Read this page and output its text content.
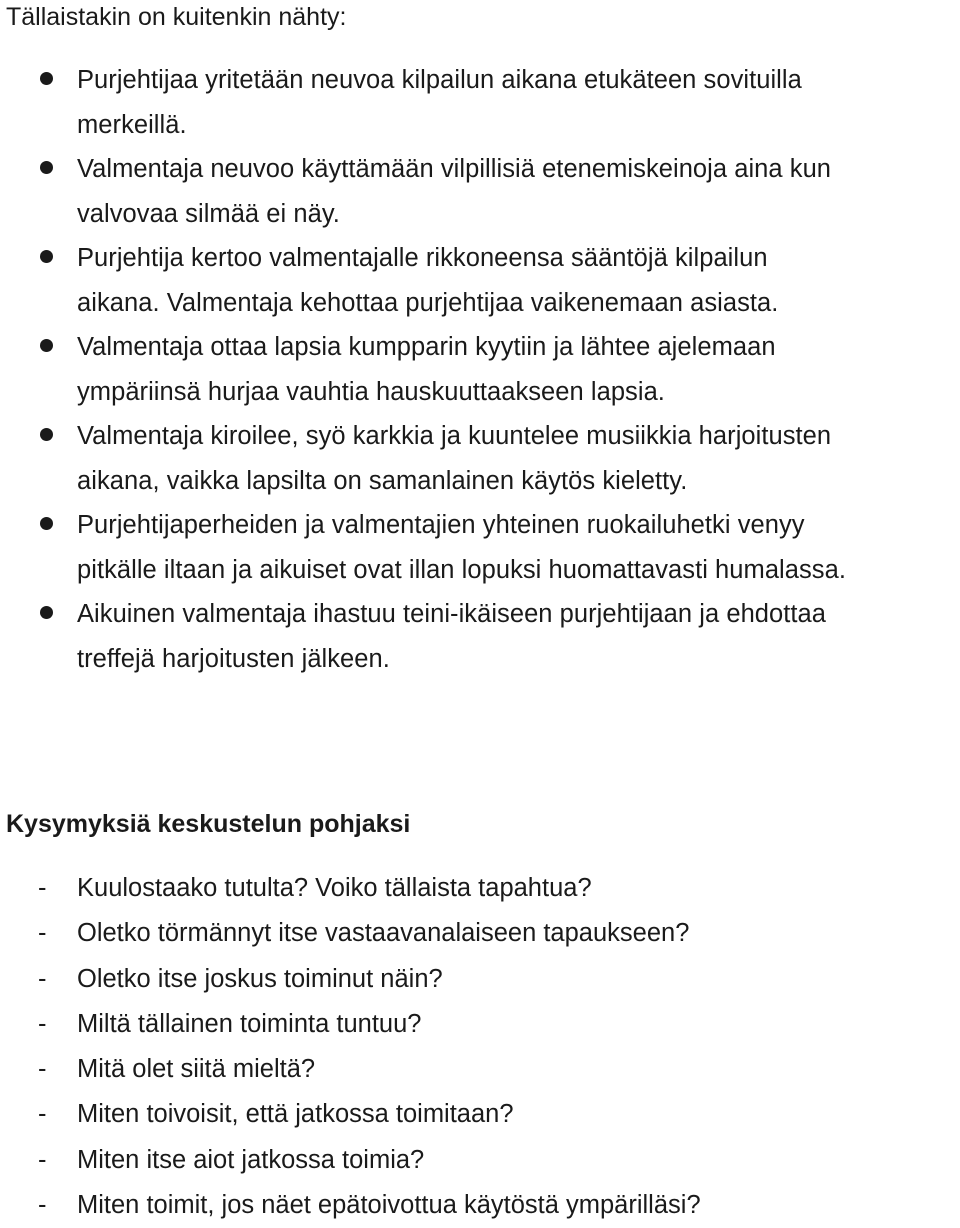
Tällaistakin on kuitenkin nähty:

Purjehtijaa yritetään neuvoa kilpailun aikana etukäteen sovituilla
merkeillä.
Valmentaja neuvoo käyttämään vilpillisiä etenemiskeinoja aina kun
valvovaa silmää ei näy.
Purjehtija kertoo valmentajalle rikkoneensa sääntöjä kilpailun
aikana. Valmentaja kehottaa purjehtijaa vaikenemaan asiasta.
Valmentaja ottaa lapsia kumpparin kyytiin ja lähtee ajelemaan
ympäriinsä hurjaa vauhtia hauskuuttaakseen lapsia.
Valmentaja kiroilee, syö karkkia ja kuuntelee musiikkia harjoitusten
aikana, vaikka lapsilta on samanlainen käytös kieletty.
Purjehtijaperheiden ja valmentajien yhteinen ruokailuhetki venyy
pitkälle iltaan ja aikuiset ovat illan lopuksi huomattavasti humalassa.
Aikuinen valmentaja ihastuu teini-ikäiseen purjehtijaan ja ehdottaa
treffejä harjoitusten jälkeen.
Kysymyksiä keskustelun pohjaksi
- Kuulostaako tutulta? Voiko tällaista tapahtua?
- Oletko törmännyt itse vastaavanalaiseen tapaukseen?
- Oletko itse joskus toiminut näin?
- Miltä tällainen toiminta tuntuu?
- Mitä olet siitä mieltä?
- Miten toivoisit, että jatkossa toimitaan?
- Miten itse aiot jatkossa toimia?
- Miten toimit, jos näet epätoivottua käytöstä ympärilläsi?
